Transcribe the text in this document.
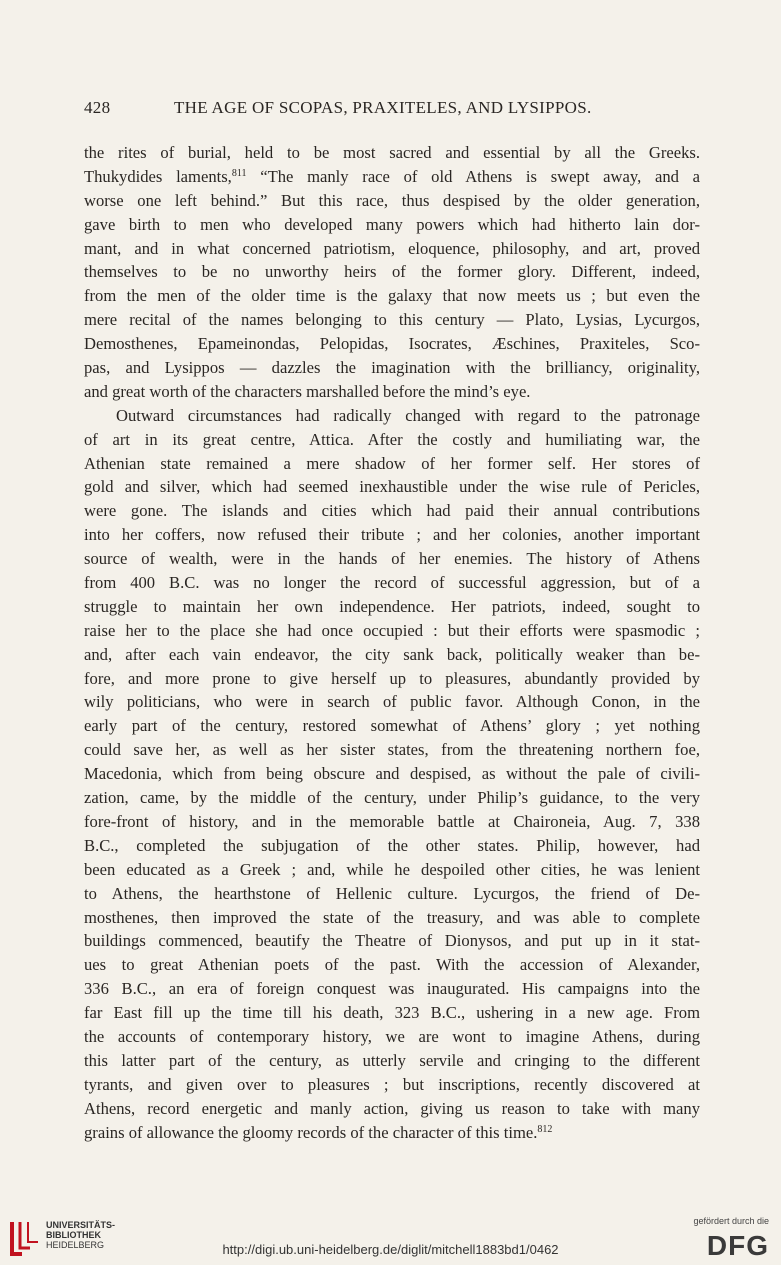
428	THE AGE OF SCOPAS, PRAXITELES, AND LYSIPPOS.
the rites of burial, held to be most sacred and essential by all the Greeks.
Thukydides laments,$^{811}$ “The manly race of old Athens is swept away, and a
worse one left behind.” But this race, thus despised by the older generation,
gave birth to men who developed many powers which had hitherto lain dor-
mant, and in what concerned patriotism, eloquence, philosophy, and art, proved
themselves to be no unworthy heirs of the former glory. Different, indeed,
from the men of the older time is the galaxy that now meets us ; but even the
mere recital of the names belonging to this century — Plato, Lysias, Lycurgos,
Demosthenes, Epameinondas, Pelopidas, Isocrates, Æschines, Praxiteles, Sco-
pas, and Lysippos — dazzles the imagination with the brilliancy, originality,
and great worth of the characters marshalled before the mind’s eye.
Outward circumstances had radically changed with regard to the patronage
of art in its great centre, Attica. After the costly and humiliating war, the
Athenian state remained a mere shadow of her former self. Her stores of
gold and silver, which had seemed inexhaustible under the wise rule of Pericles,
were gone. The islands and cities which had paid their annual contributions
into her coffers, now refused their tribute ; and her colonies, another important
source of wealth, were in the hands of her enemies. The history of Athens
from 400 B.C. was no longer the record of successful aggression, but of a
struggle to maintain her own independence. Her patriots, indeed, sought to
raise her to the place she had once occupied : but their efforts were spasmodic ;
and, after each vain endeavor, the city sank back, politically weaker than be-
fore, and more prone to give herself up to pleasures, abundantly provided by
wily politicians, who were in search of public favor. Although Conon, in the
early part of the century, restored somewhat of Athens’ glory ; yet nothing
could save her, as well as her sister states, from the threatening northern foe,
Macedonia, which from being obscure and despised, as without the pale of civili-
zation, came, by the middle of the century, under Philip’s guidance, to the very
fore-front of history, and in the memorable battle at Chaironeia, Aug. 7, 338
B.C., completed the subjugation of the other states. Philip, however, had
been educated as a Greek ; and, while he despoiled other cities, he was lenient
to Athens, the hearthstone of Hellenic culture. Lycurgos, the friend of De-
mosthenes, then improved the state of the treasury, and was able to complete
buildings commenced, beautify the Theatre of Dionysos, and put up in it stat-
ues to great Athenian poets of the past. With the accession of Alexander,
336 B.C., an era of foreign conquest was inaugurated. His campaigns into the
far East fill up the time till his death, 323 B.C., ushering in a new age. From
the accounts of contemporary history, we are wont to imagine Athens, during
this latter part of the century, as utterly servile and cringing to the different
tyrants, and given over to pleasures ; but inscriptions, recently discovered at
Athens, record energetic and manly action, giving us reason to take with many
grains of allowance the gloomy records of the character of this time.$^{812}$
UNIVERSITÄTS-
BIBLIOTHEK
HEIDELBERG	http://digi.ub.uni-heidelberg.de/diglit/mitchell1883bd1/0462
gefördert durch die
DFG
